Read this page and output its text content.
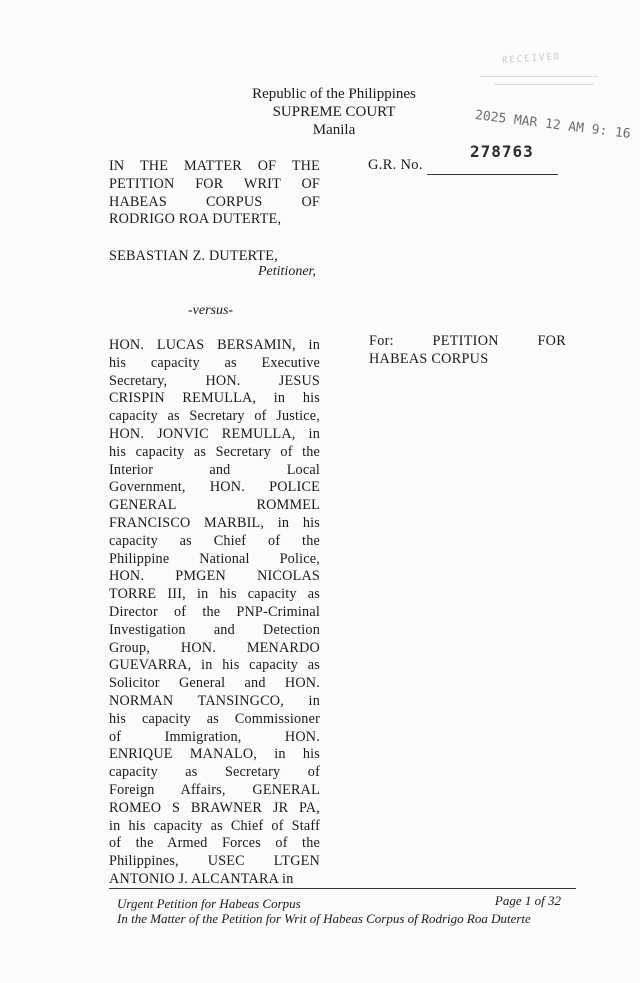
Republic of the Philippines
SUPREME COURT
Manila
RECEIVED
2025 MAR 12 AM 9: 16
278763
IN THE MATTER OF THE
PETITION FOR WRIT OF
HABEAS CORPUS OF
RODRIGO ROA DUTERTE,
G.R. No.
SEBASTIAN Z. DUTERTE,
Petitioner,
-versus-
HON. LUCAS BERSAMIN, in
his capacity as Executive
Secretary, HON. JESUS
CRISPIN REMULLA, in his
capacity as Secretary of Justice,
HON. JONVIC REMULLA, in
his capacity as Secretary of the
Interior and Local
Government, HON. POLICE
GENERAL ROMMEL
FRANCISCO MARBIL, in his
capacity as Chief of the
Philippine National Police,
HON. PMGEN NICOLAS
TORRE III, in his capacity as
Director of the PNP-Criminal
Investigation and Detection
Group, HON. MENARDO
GUEVARRA, in his capacity as
Solicitor General and HON.
NORMAN TANSINGCO, in
his capacity as Commissioner
of Immigration, HON.
ENRIQUE MANALO, in his
capacity as Secretary of
Foreign Affairs, GENERAL
ROMEO S BRAWNER JR PA,
in his capacity as Chief of Staff
of the Armed Forces of the
Philippines, USEC LTGEN
ANTONIO J. ALCANTARA in
For: PETITION FOR
HABEAS CORPUS
Urgent Petition for Habeas Corpus	Page 1 of 32
In the Matter of the Petition for Writ of Habeas Corpus of Rodrigo Roa Duterte
